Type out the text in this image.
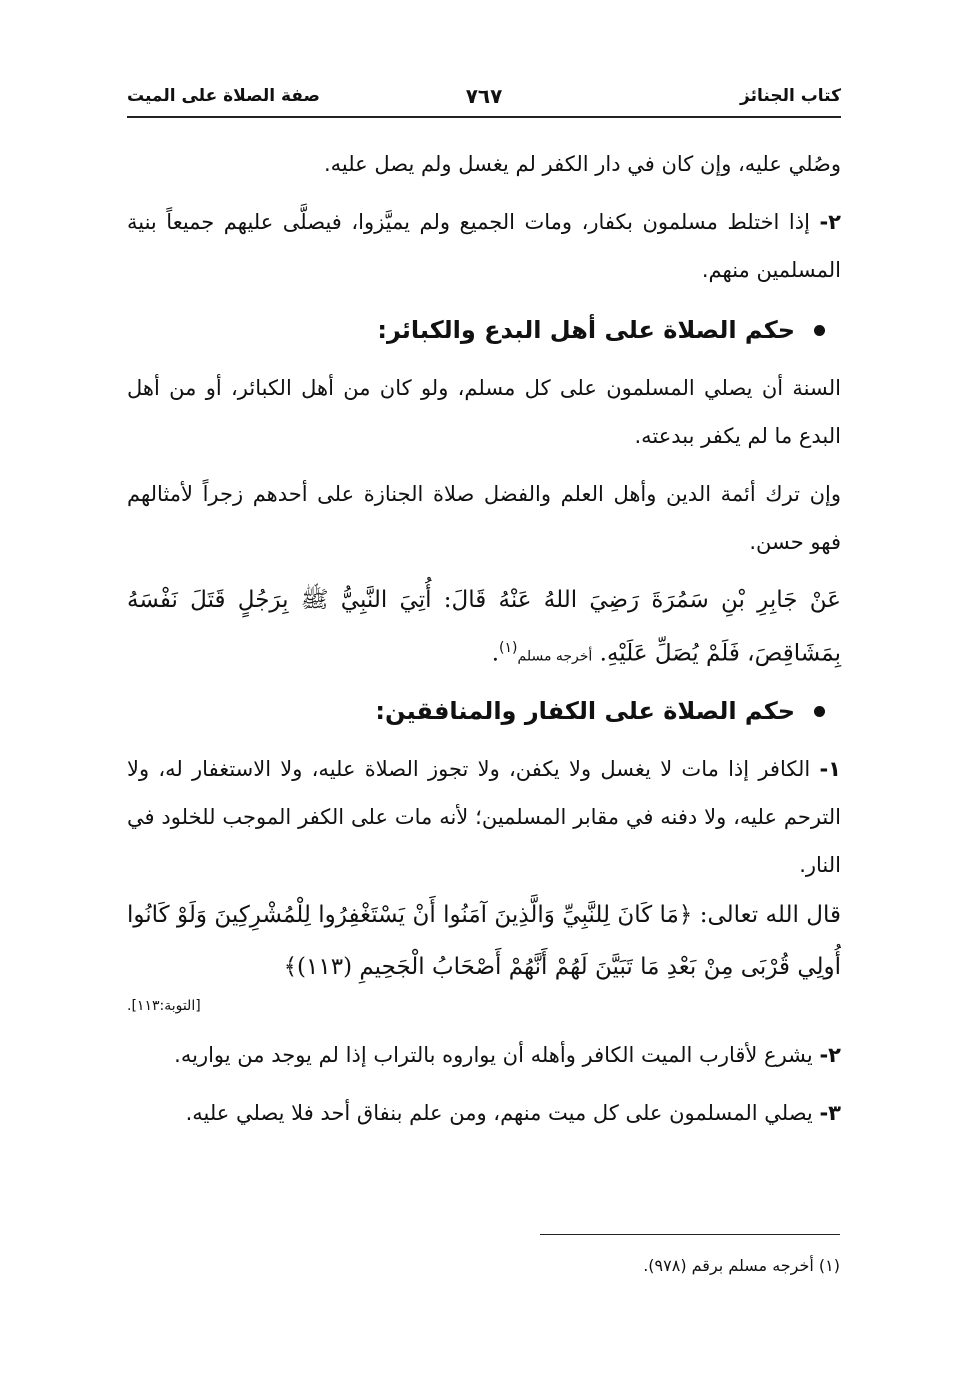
كتاب الجنائز
٧٦٧
صفة الصلاة على الميت

وصُلي عليه، وإن كان في دار الكفر لم يغسل ولم يصل عليه.

٢- إذا اختلط مسلمون بكفار، ومات الجميع ولم يميَّزوا، فيصلَّى عليهم جميعاً بنية المسلمين منهم.

حكم الصلاة على أهل البدع والكبائر:

السنة أن يصلي المسلمون على كل مسلم، ولو كان من أهل الكبائر، أو من أهل البدع ما لم يكفر ببدعته.

وإن ترك أئمة الدين وأهل العلم والفضل صلاة الجنازة على أحدهم زجراً لأمثالهم فهو حسن.

عَنْ جَابِرِ بْنِ سَمُرَةَ رَضِيَ اللهُ عَنْهُ قَالَ: أُتِيَ النَّبِيُّ ﷺ بِرَجُلٍ قَتَلَ نَفْسَهُ بِمَشَاقِصَ، فَلَمْ يُصَلِّ عَلَيْهِ. أخرجه مسلم$^{(١)}$.

حكم الصلاة على الكفار والمنافقين:

١- الكافر إذا مات لا يغسل ولا يكفن، ولا تجوز الصلاة عليه، ولا الاستغفار له، ولا الترحم عليه، ولا دفنه في مقابر المسلمين؛ لأنه مات على الكفر الموجب للخلود في النار.

قال الله تعالى: ﴿مَا كَانَ لِلنَّبِيِّ وَالَّذِينَ آمَنُوا أَنْ يَسْتَغْفِرُوا لِلْمُشْرِكِينَ وَلَوْ كَانُوا أُولِي قُرْبَى مِنْ بَعْدِ مَا تَبَيَّنَ لَهُمْ أَنَّهُمْ أَصْحَابُ الْجَحِيمِ (١١٣)﴾

[التوبة:١١٣].

٢- يشرع لأقارب الميت الكافر وأهله أن يواروه بالتراب إذا لم يوجد من يواريه.

٣- يصلي المسلمون على كل ميت منهم، ومن علم بنفاق أحد فلا يصلي عليه.

(١) أخرجه مسلم برقم (٩٧٨).
